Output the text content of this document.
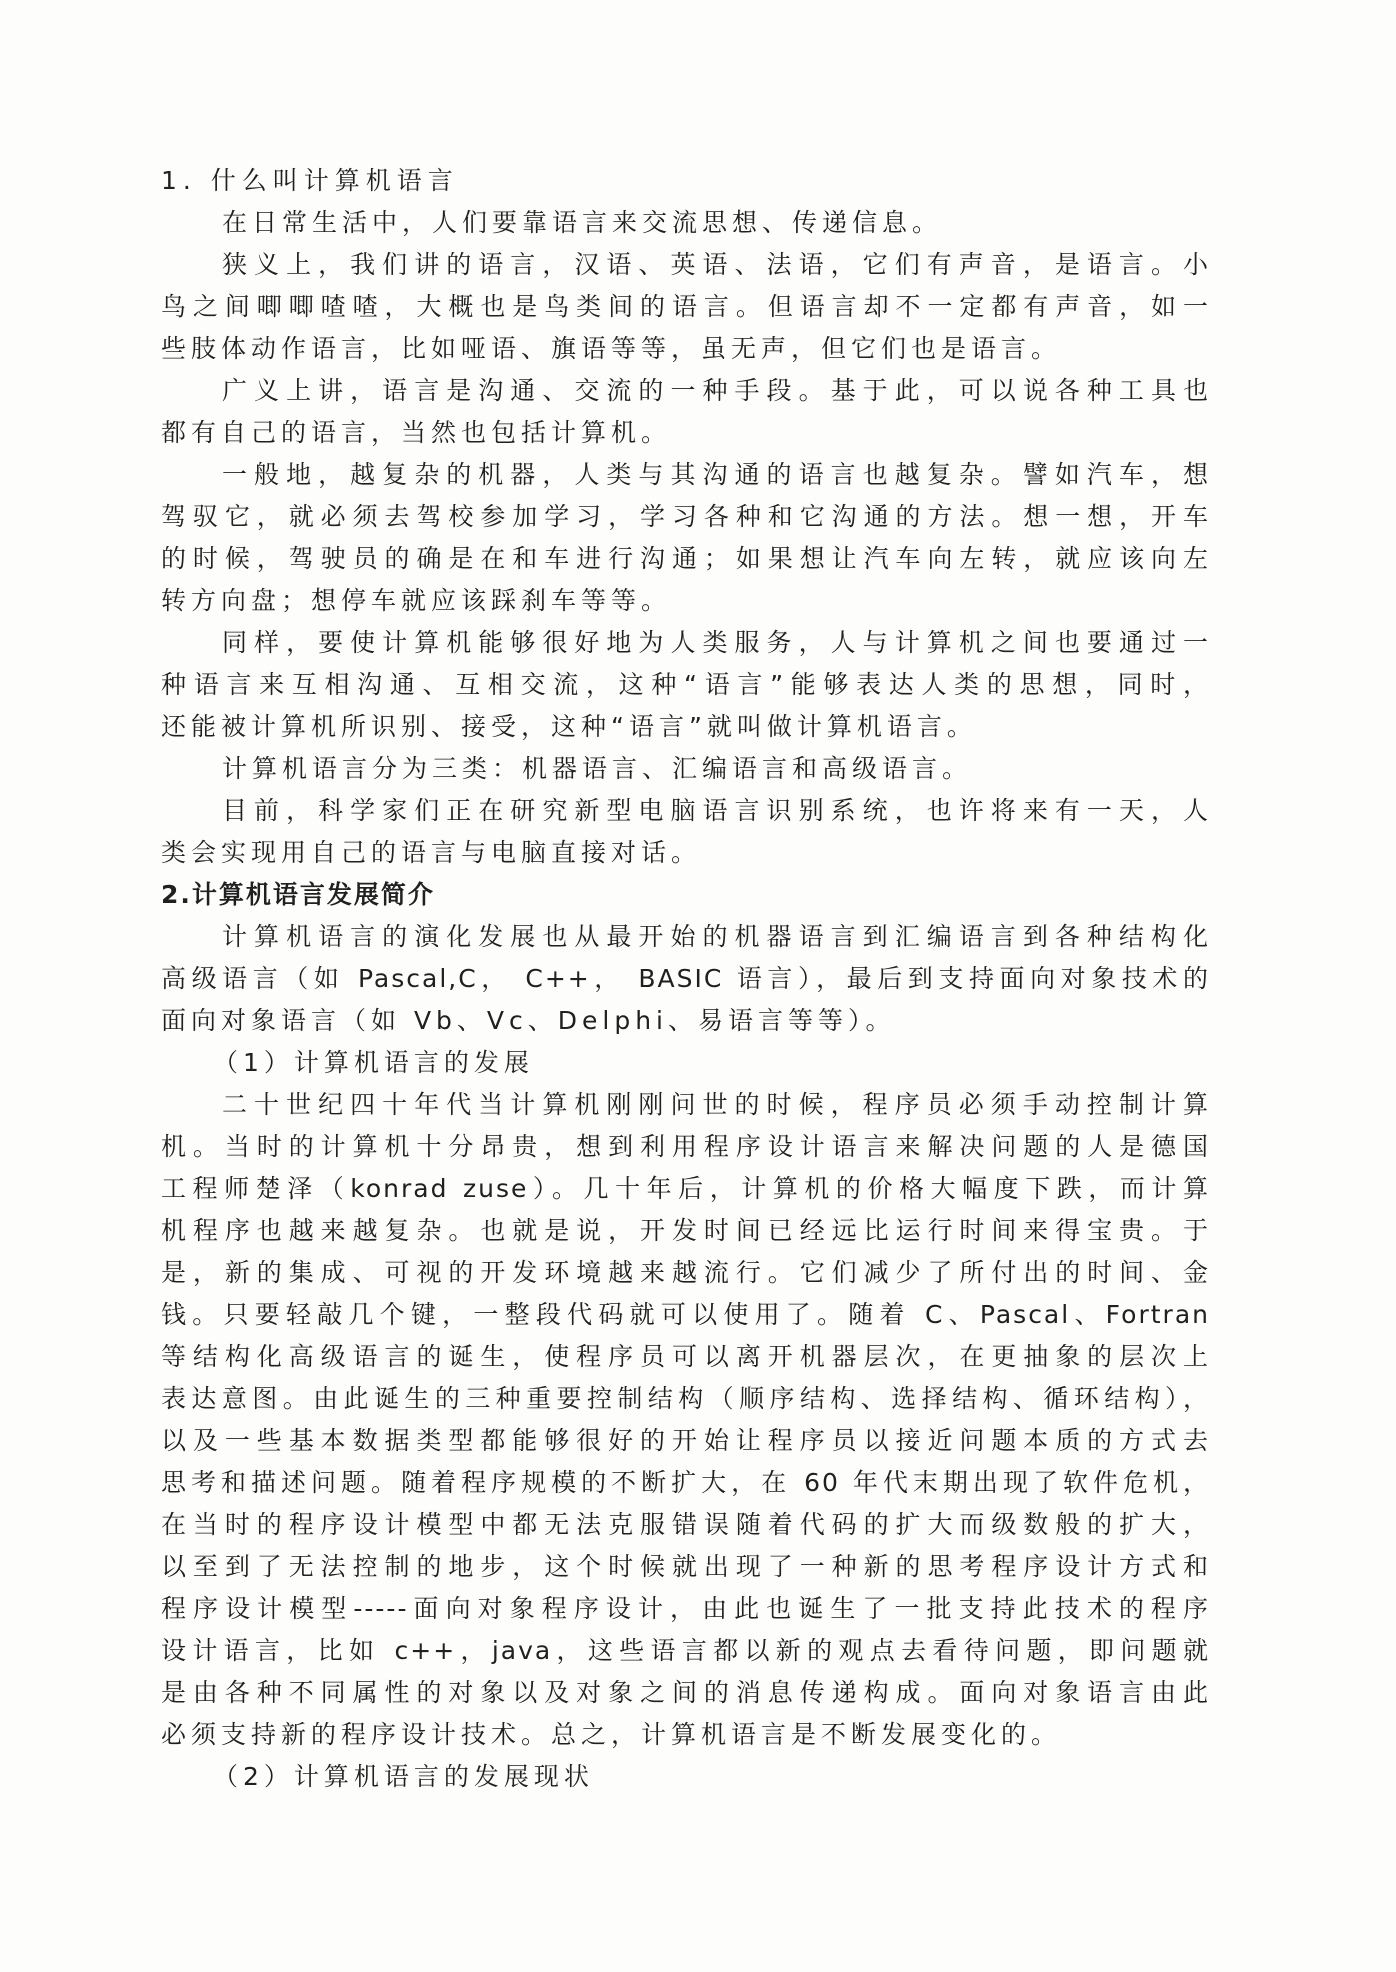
1. 什么叫计算机语言
在日常生活中，人们要靠语言来交流思想、传递信息。
狭义上，我们讲的语言，汉语、英语、法语，它们有声音，是语言。小
鸟之间唧唧喳喳，大概也是鸟类间的语言。但语言却不一定都有声音，如一
些肢体动作语言，比如哑语、旗语等等，虽无声，但它们也是语言。
广义上讲，语言是沟通、交流的一种手段。基于此，可以说各种工具也
都有自己的语言，当然也包括计算机。
一般地，越复杂的机器，人类与其沟通的语言也越复杂。譬如汽车，想
驾驭它，就必须去驾校参加学习，学习各种和它沟通的方法。想一想，开车
的时候，驾驶员的确是在和车进行沟通；如果想让汽车向左转，就应该向左
转方向盘；想停车就应该踩刹车等等。
同样，要使计算机能够很好地为人类服务，人与计算机之间也要通过一
种语言来互相沟通、互相交流，这种“语言”能够表达人类的思想，同时，
还能被计算机所识别、接受，这种“语言”就叫做计算机语言。
计算机语言分为三类：机器语言、汇编语言和高级语言。
目前，科学家们正在研究新型电脑语言识别系统，也许将来有一天，人
类会实现用自己的语言与电脑直接对话。
2.计算机语言发展简介
计算机语言的演化发展也从最开始的机器语言到汇编语言到各种结构化
高级语言（如 Pascal,C， C++， BASIC 语言），最后到支持面向对象技术的
面向对象语言（如 Vb、Vc、Delphi、易语言等等）。
（1）计算机语言的发展
二十世纪四十年代当计算机刚刚问世的时候，程序员必须手动控制计算
机。当时的计算机十分昂贵，想到利用程序设计语言来解决问题的人是德国
工程师楚泽（konrad zuse）。几十年后，计算机的价格大幅度下跌，而计算
机程序也越来越复杂。也就是说，开发时间已经远比运行时间来得宝贵。于
是，新的集成、可视的开发环境越来越流行。它们减少了所付出的时间、金
钱。只要轻敲几个键，一整段代码就可以使用了。随着 C、Pascal、Fortran
等结构化高级语言的诞生，使程序员可以离开机器层次，在更抽象的层次上
表达意图。由此诞生的三种重要控制结构（顺序结构、选择结构、循环结构），
以及一些基本数据类型都能够很好的开始让程序员以接近问题本质的方式去
思考和描述问题。随着程序规模的不断扩大，在 60 年代末期出现了软件危机，
在当时的程序设计模型中都无法克服错误随着代码的扩大而级数般的扩大，
以至到了无法控制的地步，这个时候就出现了一种新的思考程序设计方式和
程序设计模型-----面向对象程序设计，由此也诞生了一批支持此技术的程序
设计语言，比如 c++，java，这些语言都以新的观点去看待问题，即问题就
是由各种不同属性的对象以及对象之间的消息传递构成。面向对象语言由此
必须支持新的程序设计技术。总之，计算机语言是不断发展变化的。
（2）计算机语言的发展现状
